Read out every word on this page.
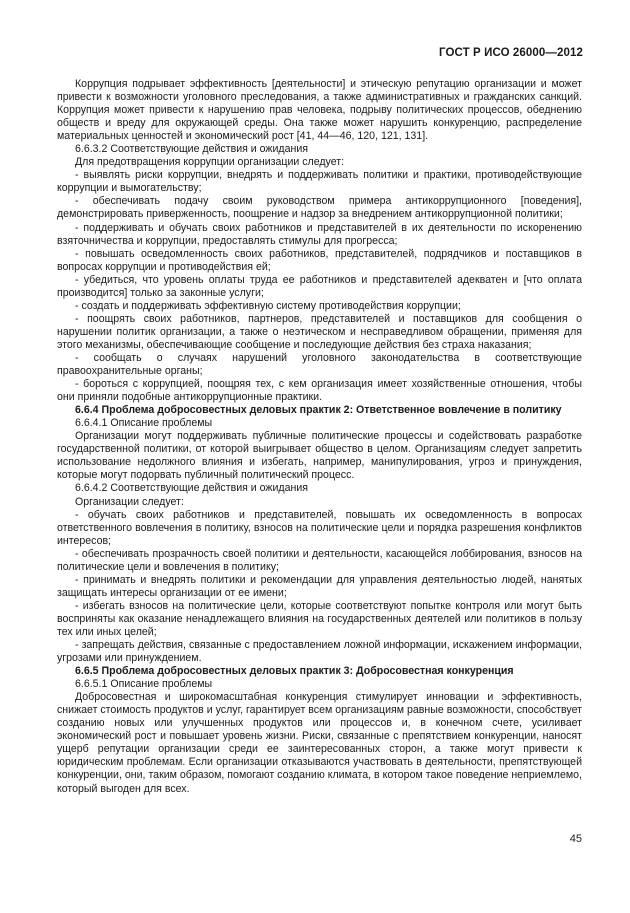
ГОСТ Р ИСО 26000—2012

Коррупция подрывает эффективность [деятельности] и этическую репутацию организации и может привести к возможности уголовного преследования, а также административных и гражданских санкций. Коррупция может привести к нарушению прав человека, подрыву политических процессов, обеднению обществ и вреду для окружающей среды. Она также может нарушить конкуренцию, распределение материальных ценностей и экономический рост [41, 44—46, 120, 121, 131].

6.6.3.2 Соответствующие действия и ожидания

Для предотвращения коррупции организации следует:

- выявлять риски коррупции, внедрять и поддерживать политики и практики, противодействующие коррупции и вымогательству;

- обеспечивать подачу своим руководством примера антикоррупционного [поведения], демонстрировать приверженность, поощрение и надзор за внедрением антикоррупционной политики;

- поддерживать и обучать своих работников и представителей в их деятельности по искоренению взяточничества и коррупции, предоставлять стимулы для прогресса;

- повышать осведомленность своих работников, представителей, подрядчиков и поставщиков в вопросах коррупции и противодействия ей;

- убедиться, что уровень оплаты труда ее работников и представителей адекватен и [что оплата производится] только за законные услуги;

- создать и поддерживать эффективную систему противодействия коррупции;

- поощрять своих работников, партнеров, представителей и поставщиков для сообщения о нарушении политик организации, а также о неэтическом и несправедливом обращении, применяя для этого механизмы, обеспечивающие сообщение и последующие действия без страха наказания;

- сообщать о случаях нарушений уголовного законодательства в соответствующие правоохранительные органы;

- бороться с коррупцией, поощряя тех, с кем организация имеет хозяйственные отношения, чтобы они приняли подобные антикоррупционные практики.

6.6.4 Проблема добросовестных деловых практик 2: Ответственное вовлечение в политику

6.6.4.1 Описание проблемы

Организации могут поддерживать публичные политические процессы и содействовать разработке государственной политики, от которой выигрывает общество в целом. Организациям следует запретить использование недолжного влияния и избегать, например, манипулирования, угроз и принуждения, которые могут подорвать публичный политический процесс.

6.6.4.2 Соответствующие действия и ожидания

Организации следует:

- обучать своих работников и представителей, повышать их осведомленность в вопросах ответственного вовлечения в политику, взносов на политические цели и порядка разрешения конфликтов интересов;

- обеспечивать прозрачность своей политики и деятельности, касающейся лоббирования, взносов на политические цели и вовлечения в политику;

- принимать и внедрять политики и рекомендации для управления деятельностью людей, нанятых защищать интересы организации от ее имени;

- избегать взносов на политические цели, которые соответствуют попытке контроля или могут быть восприняты как оказание ненадлежащего влияния на государственных деятелей или политиков в пользу тех или иных целей;

- запрещать действия, связанные с предоставлением ложной информации, искажением информации, угрозами или принуждением.

6.6.5 Проблема добросовестных деловых практик 3: Добросовестная конкуренция

6.6.5.1 Описание проблемы

Добросовестная и широкомасштабная конкуренция стимулирует инновации и эффективность, снижает стоимость продуктов и услуг, гарантирует всем организациям равные возможности, способствует созданию новых или улучшенных продуктов или процессов и, в конечном счете, усиливает экономический рост и повышает уровень жизни. Риски, связанные с препятствием конкуренции, наносят ущерб репутации организации среди ее заинтересованных сторон, а также могут привести к юридическим проблемам. Если организации отказываются участвовать в деятельности, препятствующей конкуренции, они, таким образом, помогают созданию климата, в котором такое поведение неприемлемо, который выгоден для всех.

45
